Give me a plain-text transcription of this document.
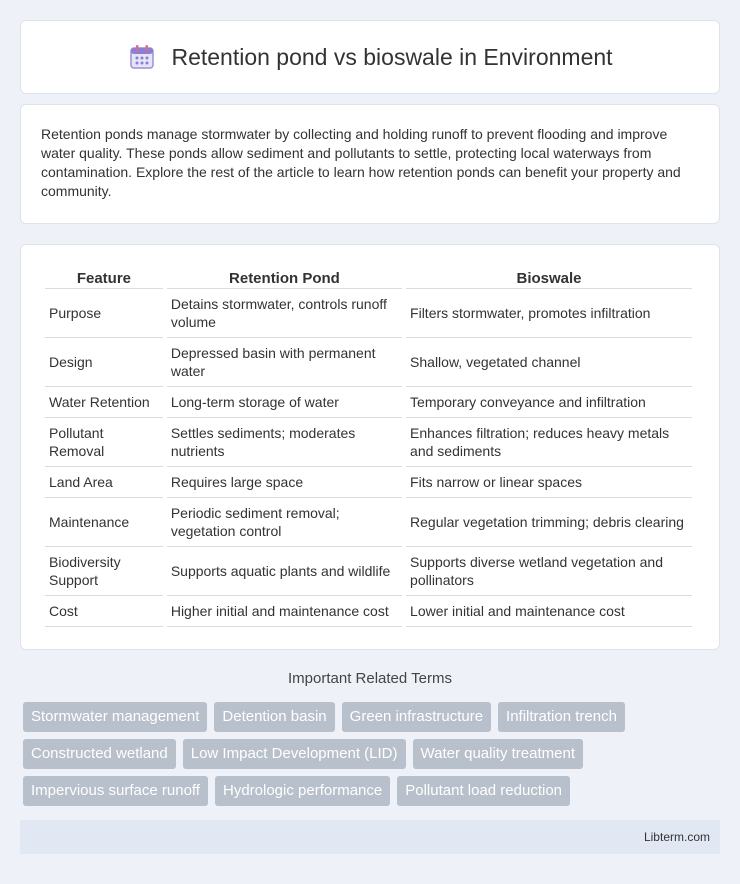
Retention pond vs bioswale in Environment

Retention ponds manage stormwater by collecting and holding runoff to prevent flooding and improve water quality. These ponds allow sediment and pollutants to settle, protecting local waterways from contamination. Explore the rest of the article to learn how retention ponds can benefit your property and community.

Feature	Retention Pond	Bioswale
Purpose	Detains stormwater, controls runoff volume	Filters stormwater, promotes infiltration
Design	Depressed basin with permanent water	Shallow, vegetated channel
Water Retention	Long-term storage of water	Temporary conveyance and infiltration
Pollutant Removal	Settles sediments; moderates nutrients	Enhances filtration; reduces heavy metals and sediments
Land Area	Requires large space	Fits narrow or linear spaces
Maintenance	Periodic sediment removal; vegetation control	Regular vegetation trimming; debris clearing
Biodiversity Support	Supports aquatic plants and wildlife	Supports diverse wetland vegetation and pollinators
Cost	Higher initial and maintenance cost	Lower initial and maintenance cost
Important Related Terms
Stormwater management	Detention basin	Green infrastructure	Infiltration trench
Constructed wetland	Low Impact Development (LID)	Water quality treatment
Impervious surface runoff	Hydrologic performance	Pollutant load reduction
Libterm.com
